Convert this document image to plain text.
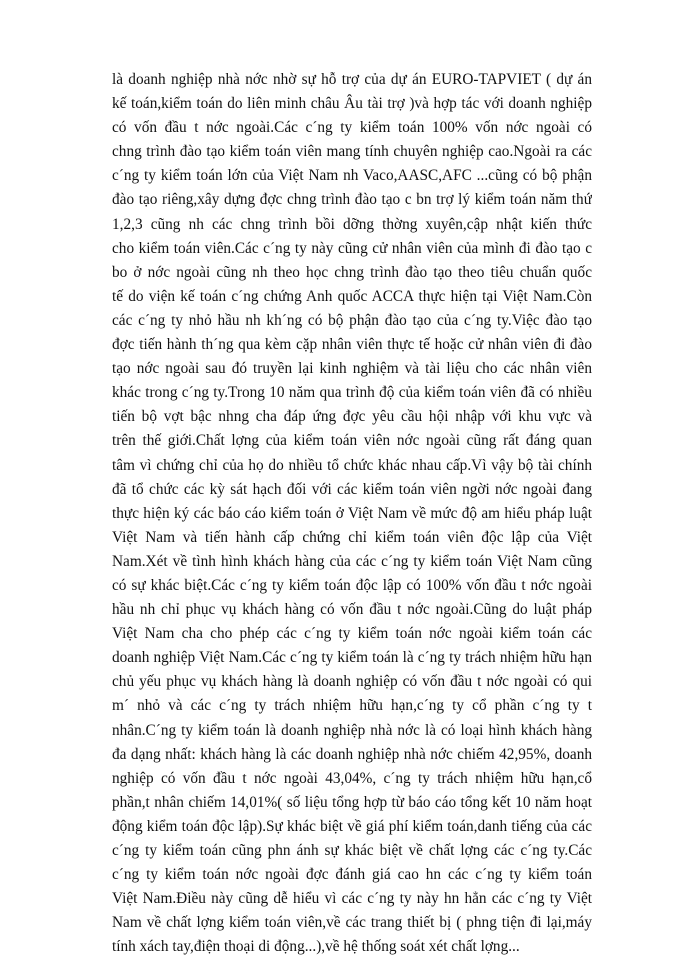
là doanh nghiệp nhà nớc nhờ sự hỗ trợ của dự án EURO-TAPVIET ( dự án
kế toán,kiểm toán do liên minh châu Âu tài trợ )và hợp tác với doanh nghiệp
có vốn đầu t nớc ngoài.Các c´ng ty kiểm toán 100% vốn nớc ngoài có
chng trình đào tạo kiểm toán viên mang tính chuyên nghiệp cao.Ngoài ra các
c´ng ty kiểm toán lớn của Việt Nam nh Vaco,AASC,AFC ...cũng có bộ phận
đào tạo riêng,xây dựng đợc chng trình đào tạo c bn trợ lý kiểm toán năm thứ
1,2,3 cũng nh các chng trình bồi dỡng thờng xuyên,cập nhật kiến thức
cho kiểm toán viên.Các c´ng ty này cũng cử nhân viên của mình đi đào tạo c
bo ở nớc ngoài cũng nh theo học chng trình đào tạo theo tiêu chuẩn quốc
tế do viện kế toán c´ng chứng Anh quốc ACCA thực hiện tại Việt Nam.Còn
các c´ng ty nhỏ hầu nh kh´ng có bộ phận đào tạo của c´ng ty.Việc đào tạo
đợc tiến hành th´ng qua kèm cặp nhân viên thực tế hoặc cử nhân viên đi đào
tạo nớc ngoài sau đó truyền lại kinh nghiệm và tài liệu cho các nhân viên
khác trong c´ng ty.Trong 10 năm qua trình độ của kiểm toán viên đã có nhiều
tiến bộ vợt bậc nhng cha đáp ứng đợc yêu cầu hội nhập với khu vực và
trên thế giới.Chất lợng của kiểm toán viên nớc ngoài cũng rất đáng quan
tâm vì chứng chỉ của họ do nhiều tổ chức khác nhau cấp.Vì vậy bộ tài chính
đã tổ chức các kỳ sát hạch đối với các kiểm toán viên ngời nớc ngoài đang
thực hiện ký các báo cáo kiểm toán ở Việt Nam về mức độ am hiểu pháp luật
Việt Nam và tiến hành cấp chứng chỉ kiểm toán viên độc lập của Việt
Nam.Xét về tình hình khách hàng của các c´ng ty kiểm toán Việt Nam cũng
có sự khác biệt.Các c´ng ty kiểm toán độc lập có 100% vốn đầu t nớc ngoài
hầu nh chỉ phục vụ khách hàng có vốn đầu t nớc ngoài.Cũng do luật pháp
Việt Nam cha cho phép các c´ng ty kiểm toán nớc ngoài kiểm toán các
doanh nghiệp Việt Nam.Các c´ng ty kiểm toán là c´ng ty trách nhiệm hữu hạn
chủ yếu phục vụ khách hàng là doanh nghiệp có vốn đầu t nớc ngoài có qui
m´ nhỏ và các c´ng ty trách nhiệm hữu hạn,c´ng ty cổ phần c´ng ty t
nhân.C´ng ty kiểm toán là doanh nghiệp nhà nớc là có loại hình khách hàng
đa dạng nhất: khách hàng là các doanh nghiệp nhà nớc chiếm 42,95%, doanh
nghiệp có vốn đầu t nớc ngoài 43,04%, c´ng ty trách nhiệm hữu hạn,cổ
phần,t nhân chiếm 14,01%( số liệu tổng hợp từ báo cáo tổng kết 10 năm hoạt
động kiểm toán độc lập).Sự khác biệt về giá phí kiểm toán,danh tiếng của các
c´ng ty kiểm toán cũng phn ánh sự khác biệt về chất lợng các c´ng ty.Các
c´ng ty kiểm toán nớc ngoài đợc đánh giá cao hn các c´ng ty kiểm toán
Việt Nam.Điều này cũng dễ hiểu vì các c´ng ty này hn hẳn các c´ng ty Việt
Nam về chất lợng kiểm toán viên,về các trang thiết bị ( phng tiện đi lại,máy
tính xách tay,điện thoại di động...),về hệ thống soát xét chất lợng...
